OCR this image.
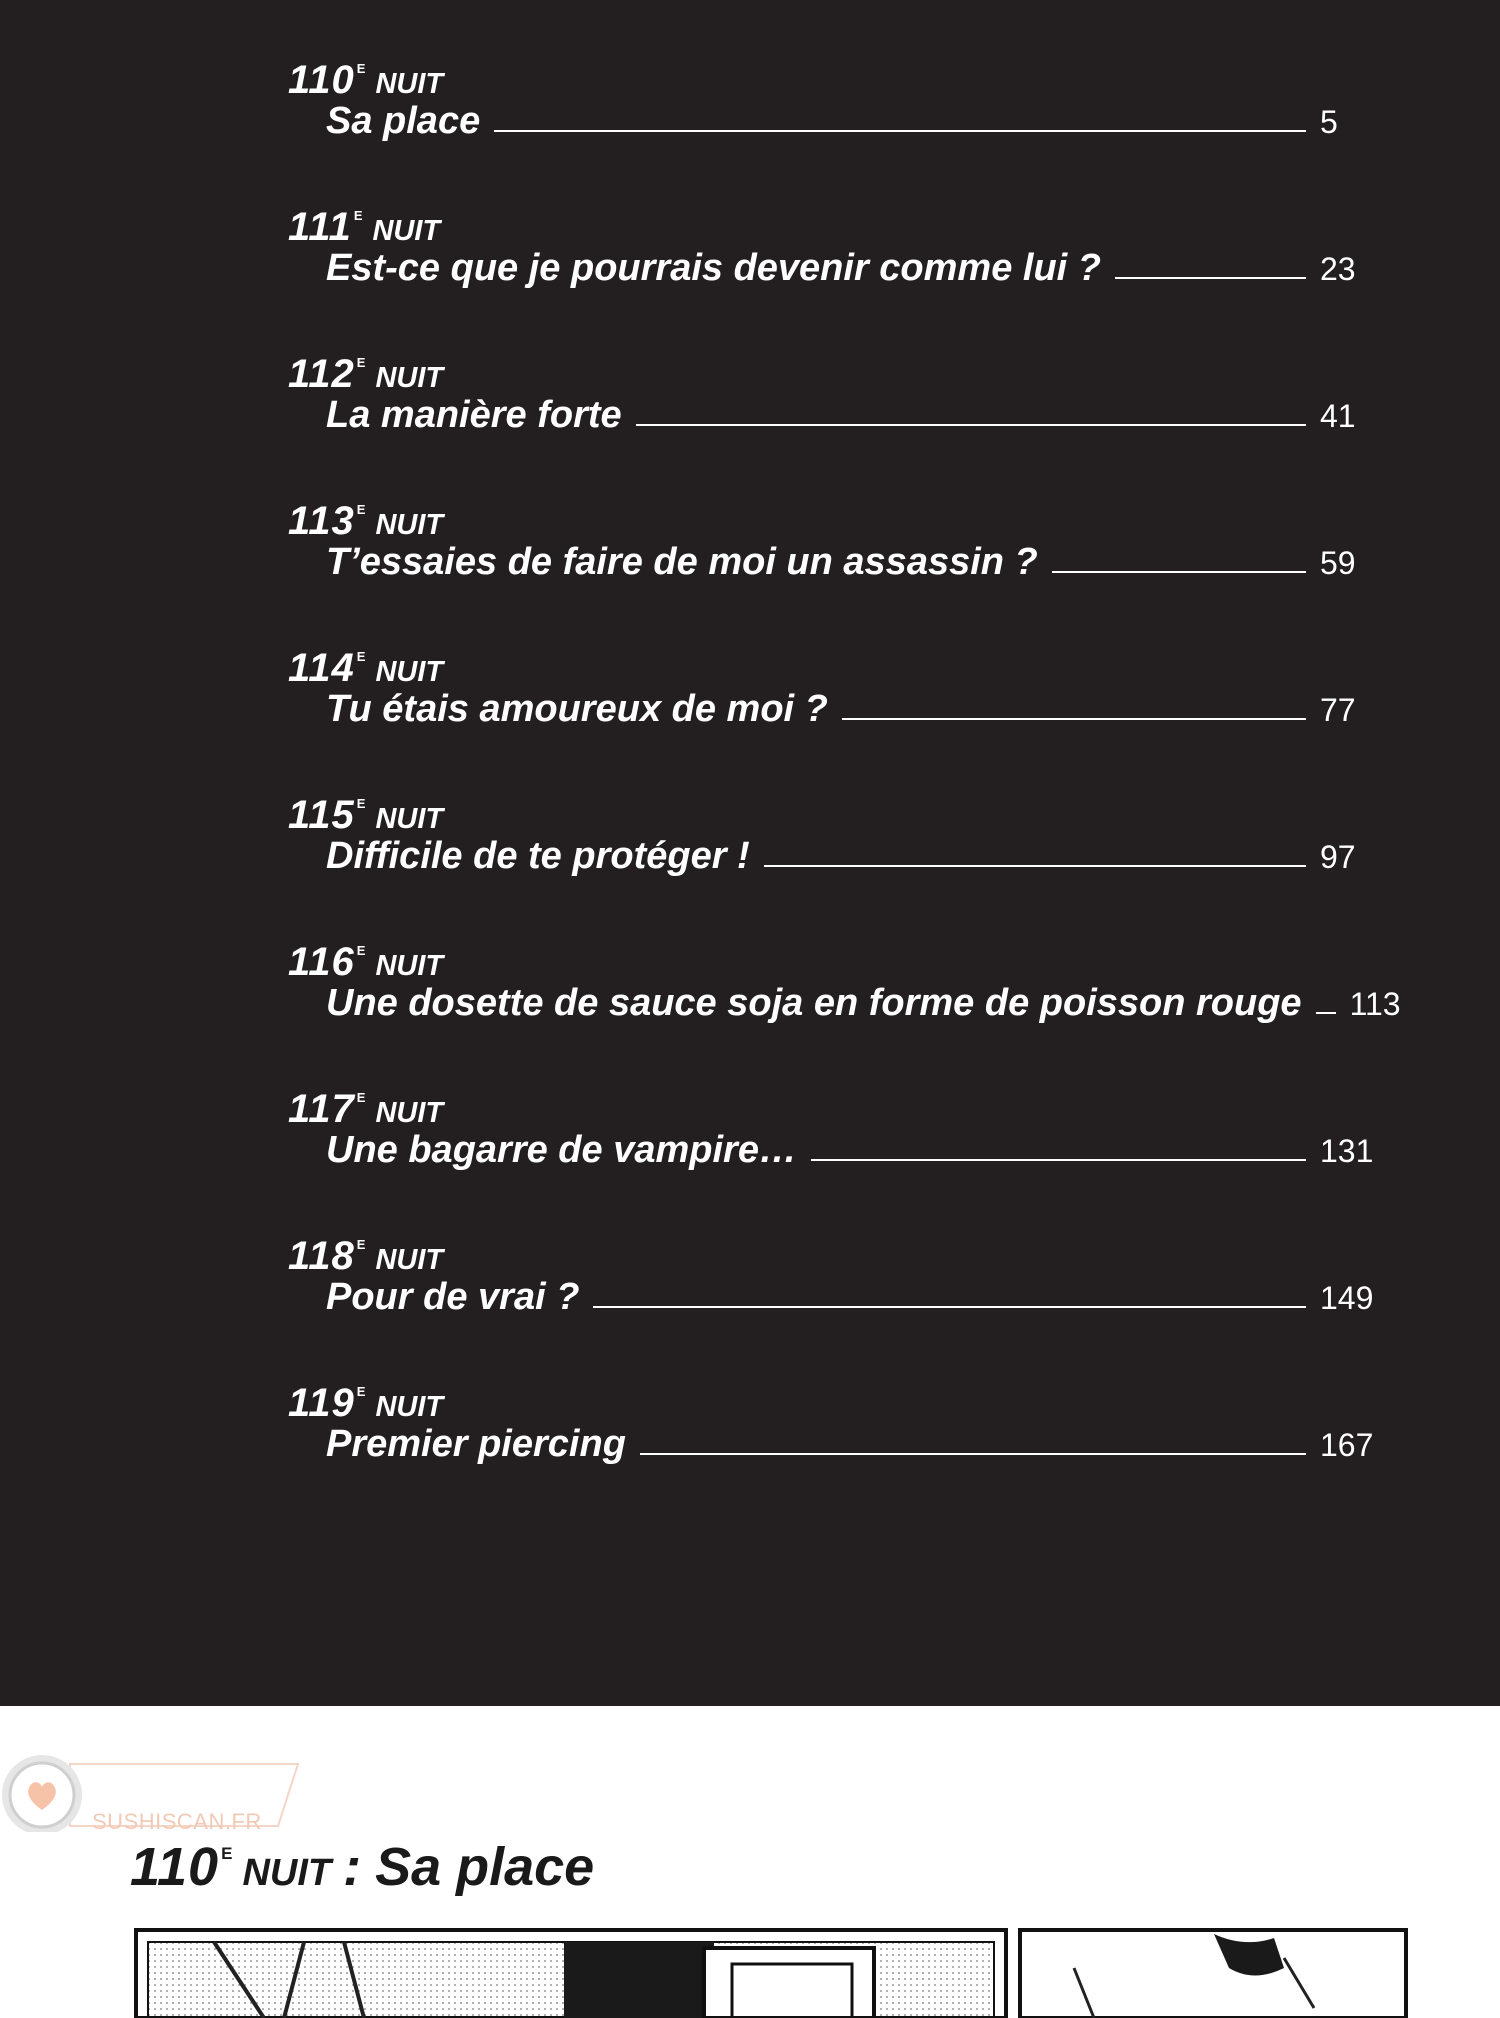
110 $^E$ NUIT
Sa place	5
111 $^E$ NUIT
Est-ce que je pourrais devenir comme lui ?	23
112 $^E$ NUIT
La manière forte	41
113 $^E$ NUIT
T’essaies de faire de moi un assassin ?	59
114 $^E$ NUIT
Tu étais amoureux de moi ?	77
115 $^E$ NUIT
Difficile de te protéger !	97
116 $^E$ NUIT
Une dosette de sauce soja en forme de poisson rouge 113
117 $^E$ NUIT
Une bagarre de vampire…	131
118 $^E$ NUIT
Pour de vrai ?	149
119 $^E$ NUIT
Premier piercing	167
SUSHISCAN.FR
110 E NUIT : Sa place
